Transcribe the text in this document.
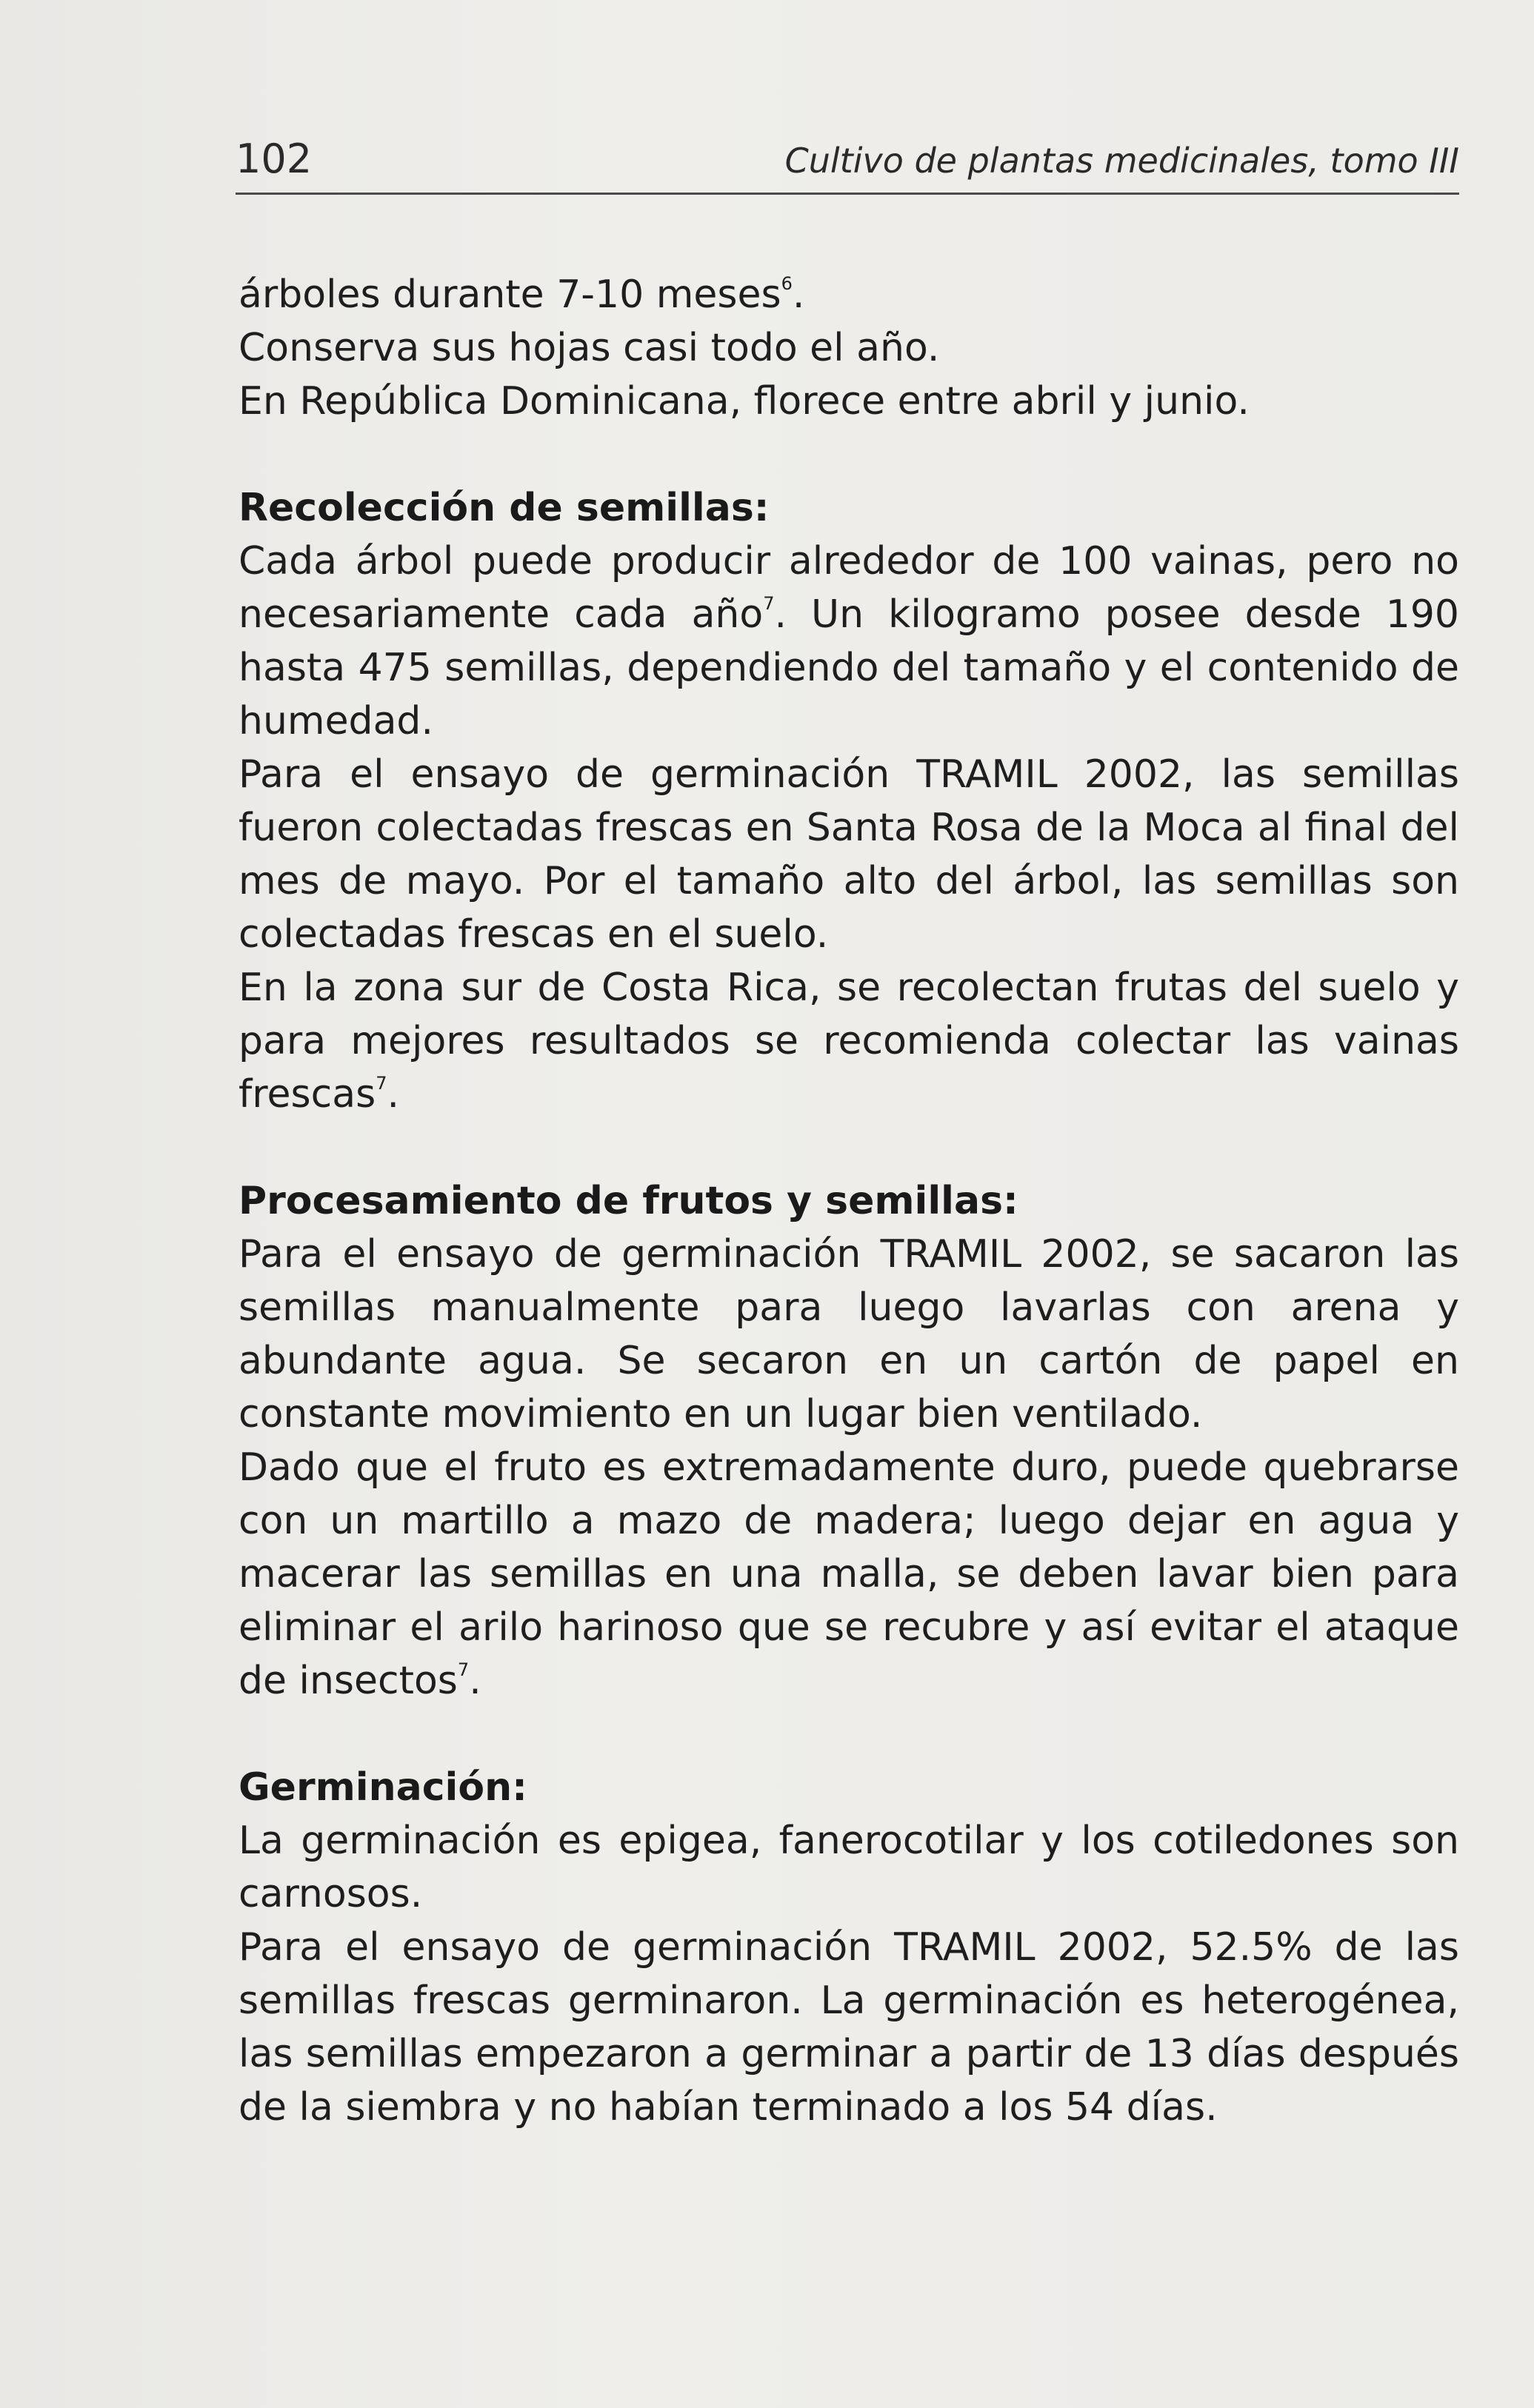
102	Cultivo de plantas medicinales, tomo III

árboles durante 7-10 meses$^6$.

Conserva sus hojas casi todo el año.

En República Dominicana, florece entre abril y junio.

Recolección de semillas:

Cada árbol puede producir alrededor de 100 vainas, pero no necesariamente cada año$^7$. Un kilogramo posee desde 190 hasta 475 semillas, dependiendo del tamaño y el contenido de humedad.

Para el ensayo de germinación TRAMIL 2002, las semillas fueron colectadas frescas en Santa Rosa de la Moca al final del mes de mayo. Por el tamaño alto del árbol, las semillas son colectadas frescas en el suelo.

En la zona sur de Costa Rica, se recolectan frutas del suelo y para mejores resultados se recomienda colectar las vainas frescas$^7$.

Procesamiento de frutos y semillas:

Para el ensayo de germinación TRAMIL 2002, se sacaron las semillas manualmente para luego lavarlas con arena y abundante agua. Se secaron en un cartón de papel en constante movimiento en un lugar bien ventilado.

Dado que el fruto es extremadamente duro, puede quebrarse con un martillo a mazo de madera; luego dejar en agua y macerar las semillas en una malla, se deben lavar bien para eliminar el arilo harinoso que se recubre y así evitar el ataque de insectos$^7$.

Germinación:

La germinación es epigea, fanerocotilar y los cotiledones son carnosos.

Para el ensayo de germinación TRAMIL 2002, 52.5% de las semillas frescas germinaron. La germinación es heterogénea, las semillas empezaron a germinar a partir de 13 días después de la siembra y no habían terminado a los 54 días.
